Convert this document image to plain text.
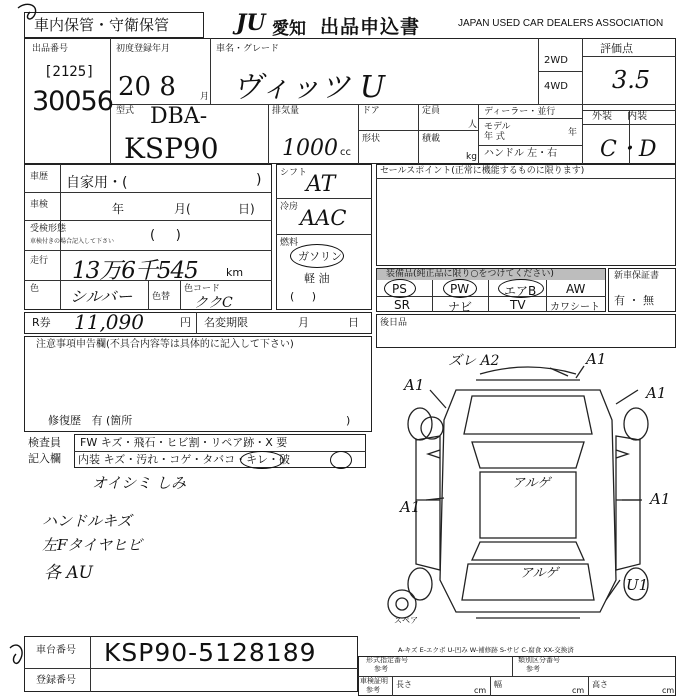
車内保管・守衛保管	JU 愛知 出品申込書	JAPAN USED CAR DEALERS ASSOCIATION
出品番号
[2125]
30056
初度登録年月
20 8	月
車名・グレード
ヴィッツ U
2WD
4WD
評価点
3.5
型式 DBA-
KSP90
排気量
1000 cc
ドア	定員
人
形状	積載
kg
ディーラー・並行
モデル
年 式	年
ハンドル 左・右
外装 内装
C・D
車歴 自家用・(	)
車検	年	月(	日)
受検形態
車検付きの場合記入して下さい	(     )
走行 13万6千545	km
色 シルバー 色替
色コード
ククC
シフト
AT
冷房 AAC
燃料
ガソリン
軽 油
(     )
セールスポイント(正常に機能するものに限ります)
装備品(純正品に限り○をつけてください)
PS	PW	エアB AW
SR	ナビ	TV カワシート
新車保証書
有 ・ 無
R券 11,090	円 名変期限	月	日 後日品
注意事項申告欄(不具合内容等は具体的に記入して下さい)
修復歴   有 (箇所	)
検査員
記入欄
FW キズ・飛石・ヒビ割・リペア跡・X 要
内装 キズ・汚れ・コゲ・タバコ・キレ・破
オイシミ しみ
ハンドルキズ
左Fタイヤヒビ
各 AU
ズレ A2	A1
A1	A1
A1	A1
U1
アルゲ
アルゲ
スペア
A-キズ E-エクボ U-凹み W-補修跡 S-サビ C-腐食 XX-交換済
車台番号 KSP90-5128189
登録番号
形式指定番号
参考
類別区分番号
参考
車検証明
参考
長さ
cm
幅
cm
高さ
cm
